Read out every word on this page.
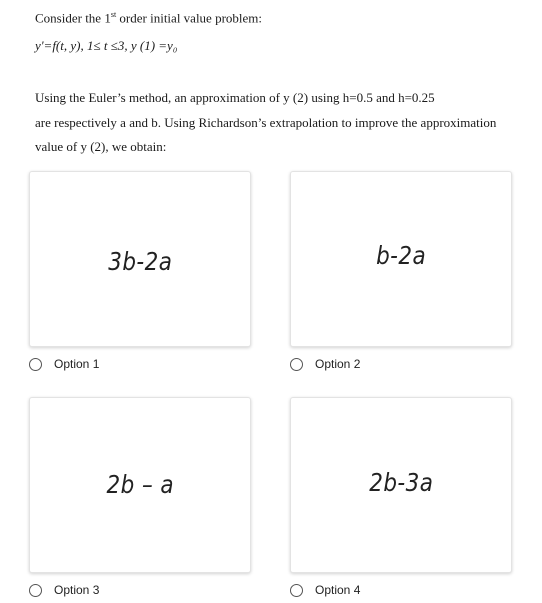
Consider the 1st order initial value problem:
y'=f(t, y), 1≤ t ≤3, y (1) =y₀
Using the Euler’s method, an approximation of y (2) using h=0.5 and h=0.25
are respectively a and b. Using Richardson’s extrapolation to improve the approximation
value of y (2), we obtain:
3b-2a	b-2a
2b – a	2b-3a
Option 1	Option 2
Option 3	Option 4
